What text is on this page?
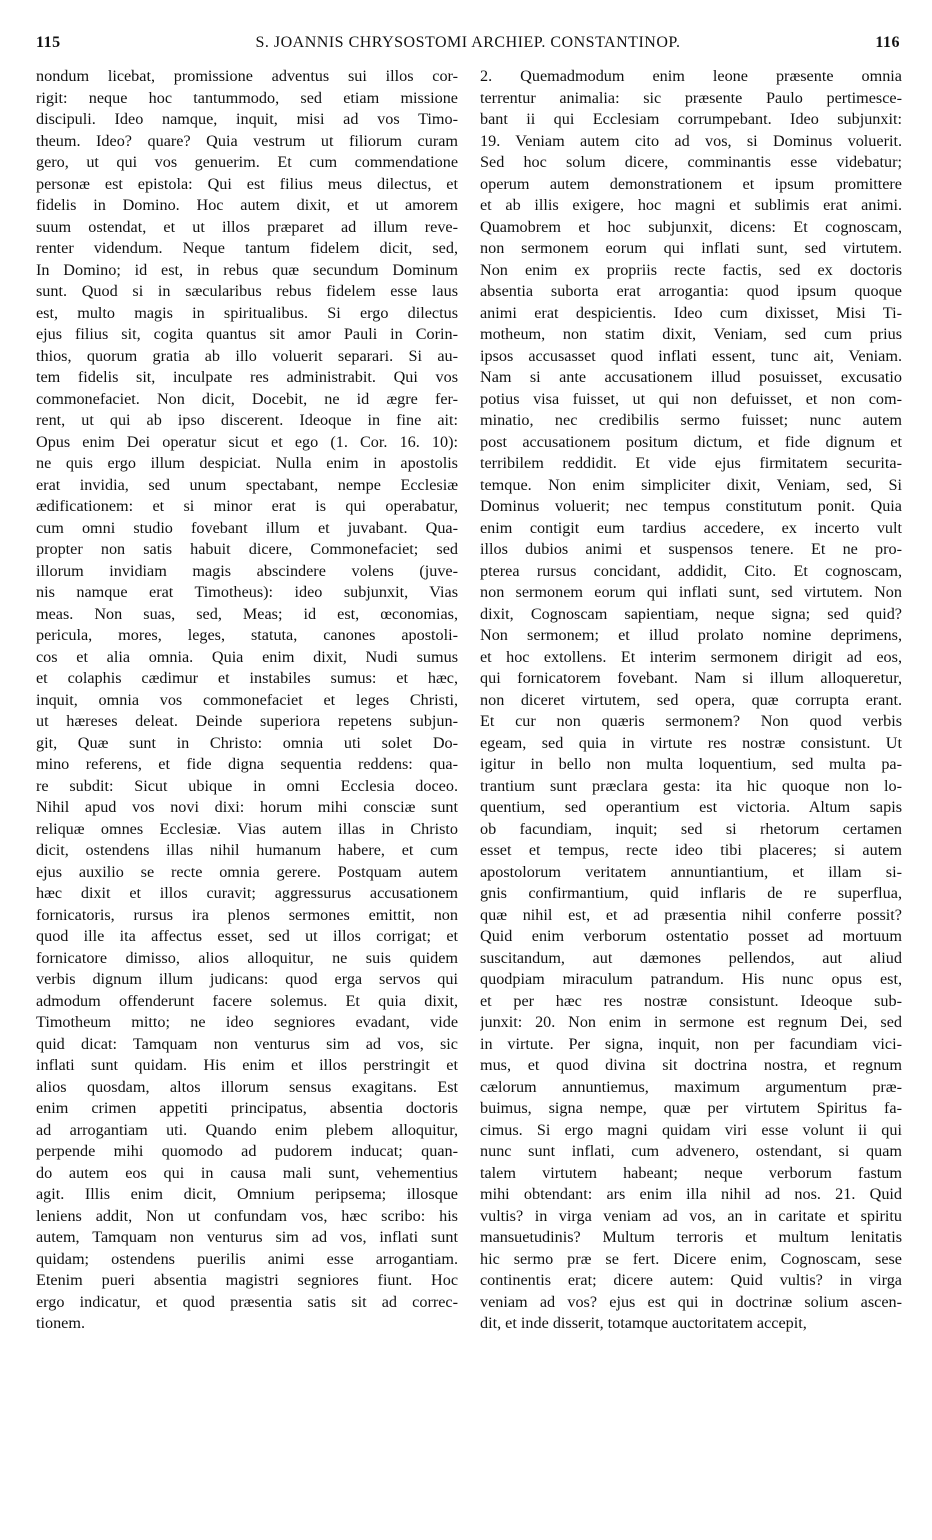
115	S. JOANNIS CHRYSOSTOMI ARCHIEP. CONSTANTINOP.	116
nondum licebat, promissione adventus sui illos cor-
rigit: neque hoc tantummodo, sed etiam missione
discipuli. Ideo namque, inquit, misi ad vos Timo-
theum. Ideo? quare? Quia vestrum ut filiorum curam
gero, ut qui vos genuerim. Et cum commendatione
personæ est epistola: Qui est filius meus dilectus, et
fidelis in Domino. Hoc autem dixit, et ut amorem
suum ostendat, et ut illos præparet ad illum reve-
renter videndum. Neque tantum fidelem dicit, sed,
In Domino; id est, in rebus quæ secundum Dominum
sunt. Quod si in sæcularibus rebus fidelem esse laus
est, multo magis in spiritualibus. Si ergo dilectus
ejus filius sit, cogita quantus sit amor Pauli in Corin-
thios, quorum gratia ab illo voluerit separari. Si au-
tem fidelis sit, inculpate res administrabit. Qui vos
commonefaciet. Non dicit, Docebit, ne id ægre fer-
rent, ut qui ab ipso discerent. Ideoque in fine ait:
Opus enim Dei operatur sicut et ego (1. Cor. 16. 10):
ne quis ergo illum despiciat. Nulla enim in apostolis
erat invidia, sed unum spectabant, nempe Ecclesiæ
ædificationem: et si minor erat is qui operabatur,
cum omni studio fovebant illum et juvabant. Qua-
propter non satis habuit dicere, Commonefaciet; sed
illorum invidiam magis abscindere volens (juve-
nis namque erat Timotheus): ideo subjunxit, Vias
meas. Non suas, sed, Meas; id est, œconomias,
pericula, mores, leges, statuta, canones apostoli-
cos et alia omnia. Quia enim dixit, Nudi sumus
et colaphis cædimur et instabiles sumus: et hæc,
inquit, omnia vos commonefaciet et leges Christi,
ut hæreses deleat. Deinde superiora repetens subjun-
git, Quæ sunt in Christo: omnia uti solet Do-
mino referens, et fide digna sequentia reddens: qua-
re subdit: Sicut ubique in omni Ecclesia doceo.
Nihil apud vos novi dixi: horum mihi consciæ sunt
reliquæ omnes Ecclesiæ. Vias autem illas in Christo
dicit, ostendens illas nihil humanum habere, et cum
ejus auxilio se recte omnia gerere. Postquam autem
hæc dixit et illos curavit; aggressurus accusationem
fornicatoris, rursus ira plenos sermones emittit, non
quod ille ita affectus esset, sed ut illos corrigat; et
fornicatore dimisso, alios alloquitur, ne suis quidem
verbis dignum illum judicans: quod erga servos qui
admodum offenderunt facere solemus. Et quia dixit,
Timotheum mitto; ne ideo segniores evadant, vide
quid dicat: Tamquam non venturus sim ad vos, sic
inflati sunt quidam. His enim et illos perstringit et
alios quosdam, altos illorum sensus exagitans. Est
enim crimen appetiti principatus, absentia doctoris
ad arrogantiam uti. Quando enim plebem alloquitur,
perpende mihi quomodo ad pudorem inducat; quan-
do autem eos qui in causa mali sunt, vehementius
agit. Illis enim dicit, Omnium peripsema; illosque
leniens addit, Non ut confundam vos, hæc scribo: his
autem, Tamquam non venturus sim ad vos, inflati sunt
quidam; ostendens puerilis animi esse arrogantiam.
Etenim pueri absentia magistri segniores fiunt. Hoc
ergo indicatur, et quod præsentia satis sit ad correc-
tionem.
2. Quemadmodum enim leone præsente omnia
terrentur animalia: sic præsente Paulo pertimesce-
bant ii qui Ecclesiam corrumpebant. Ideo subjunxit:
19. Veniam autem cito ad vos, si Dominus voluerit.
Sed hoc solum dicere, comminantis esse videbatur;
operum autem demonstrationem et ipsum promittere
et ab illis exigere, hoc magni et sublimis erat animi.
Quamobrem et hoc subjunxit, dicens: Et cognoscam,
non sermonem eorum qui inflati sunt, sed virtutem.
Non enim ex propriis recte factis, sed ex doctoris
absentia suborta erat arrogantia: quod ipsum quoque
animi erat despicientis. Ideo cum dixisset, Misi Ti-
motheum, non statim dixit, Veniam, sed cum prius
ipsos accusasset quod inflati essent, tunc ait, Veniam.
Nam si ante accusationem illud posuisset, excusatio
potius visa fuisset, ut qui non defuisset, et non com-
minatio, nec credibilis sermo fuisset; nunc autem
post accusationem positum dictum, et fide dignum et
terribilem reddidit. Et vide ejus firmitatem securita-
temque. Non enim simpliciter dixit, Veniam, sed, Si
Dominus voluerit; nec tempus constitutum ponit. Quia
enim contigit eum tardius accedere, ex incerto vult
illos dubios animi et suspensos tenere. Et ne pro-
pterea rursus concidant, addidit, Cito. Et cognoscam,
non sermonem eorum qui inflati sunt, sed virtutem. Non
dixit, Cognoscam sapientiam, neque signa; sed quid?
Non sermonem; et illud prolato nomine deprimens,
et hoc extollens. Et interim sermonem dirigit ad eos,
qui fornicatorem fovebant. Nam si illum alloqueretur,
non diceret virtutem, sed opera, quæ corrupta erant.
Et cur non quæris sermonem? Non quod verbis
egeam, sed quia in virtute res nostræ consistunt. Ut
igitur in bello non multa loquentium, sed multa pa-
trantium sunt præclara gesta: ita hic quoque non lo-
quentium, sed operantium est victoria. Altum sapis
ob facundiam, inquit; sed si rhetorum certamen
esset et tempus, recte ideo tibi placeres; si autem
apostolorum veritatem annuntiantium, et illam si-
gnis confirmantium, quid inflaris de re superflua,
quæ nihil est, et ad præsentia nihil conferre possit?
Quid enim verborum ostentatio posset ad mortuum
suscitandum, aut dæmones pellendos, aut aliud
quodpiam miraculum patrandum. His nunc opus est,
et per hæc res nostræ consistunt. Ideoque sub-
junxit: 20. Non enim in sermone est regnum Dei, sed
in virtute. Per signa, inquit, non per facundiam vici-
mus, et quod divina sit doctrina nostra, et regnum
cælorum annuntiemus, maximum argumentum præ-
buimus, signa nempe, quæ per virtutem Spiritus fa-
cimus. Si ergo magni quidam viri esse volunt ii qui
nunc sunt inflati, cum advenero, ostendant, si quam
talem virtutem habeant; neque verborum fastum
mihi obtendant: ars enim illa nihil ad nos. 21. Quid
vultis? in virga veniam ad vos, an in caritate et spiritu
mansuetudinis? Multum terroris et multum lenitatis
hic sermo præ se fert. Dicere enim, Cognoscam, sese
continentis erat; dicere autem: Quid vultis? in virga
veniam ad vos? ejus est qui in doctrinæ solium ascen-
dit, et inde disserit, totamque auctoritatem accepit,
